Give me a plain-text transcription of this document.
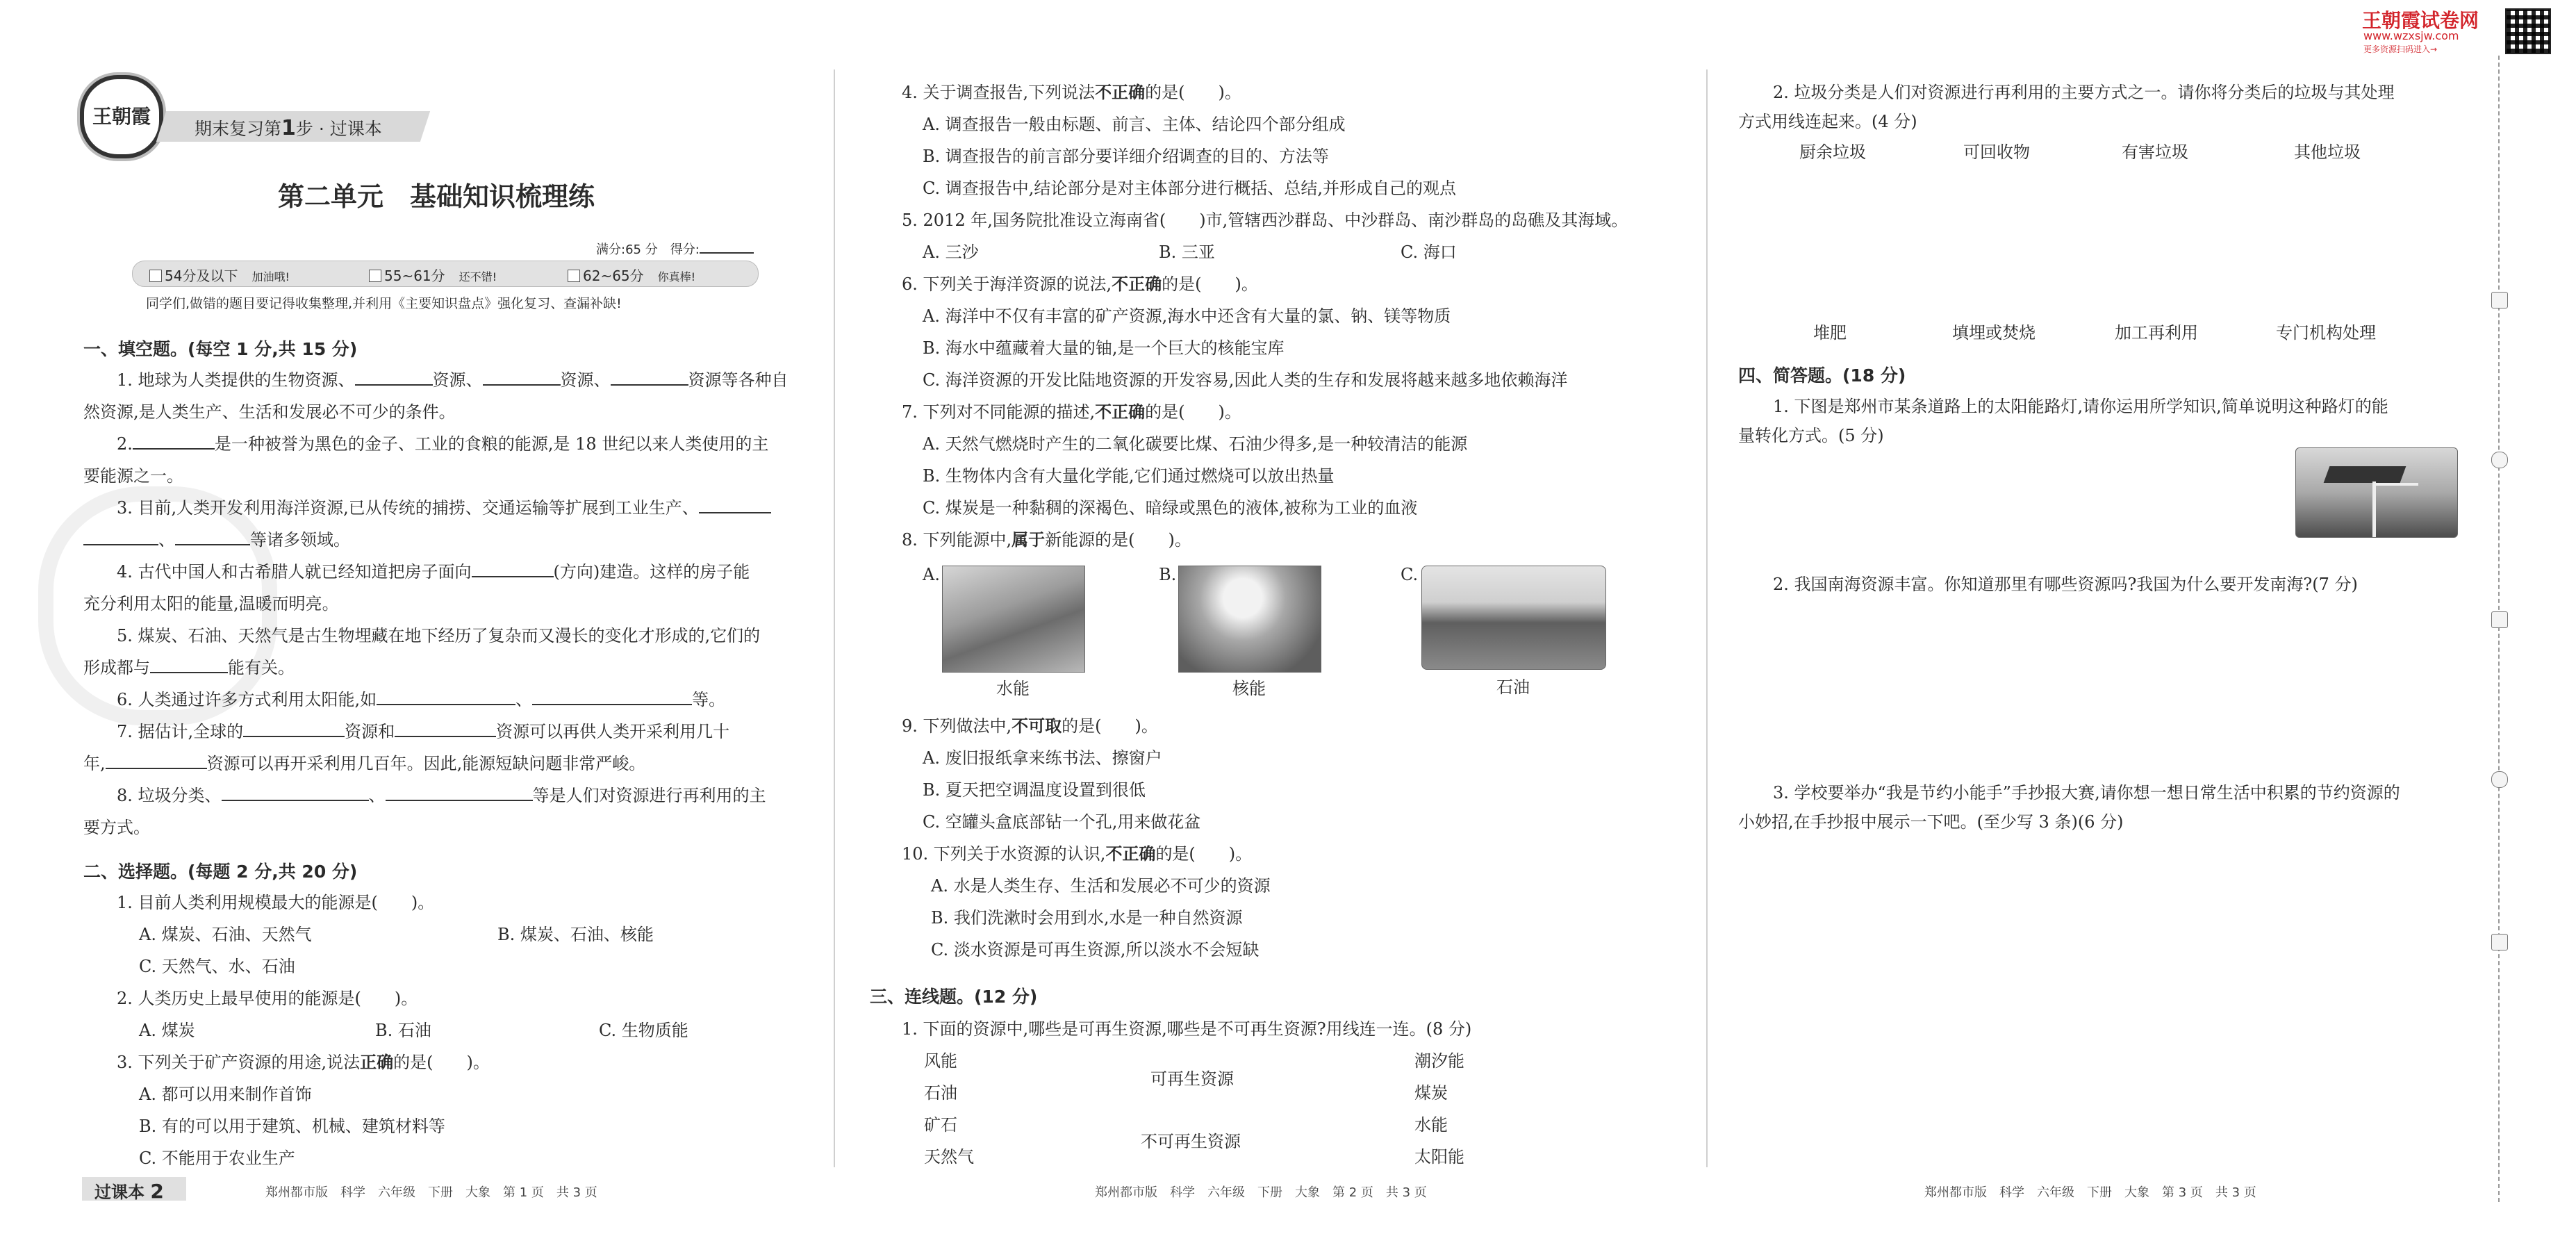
王朝霞试卷网
www.wzxsjw.com
更多资源扫码进入→
王朝霞
期末复习第1步 · 过课本
第二单元　基础知识梳理练
满分:65 分　得分:
54分及以下　 加油哦!	55~61分　 还不错!	62~65分　 你真棒!
同学们,做错的题目要记得收集整理,并利用《主要知识盘点》强化复习、查漏补缺!
一、填空题。(每空 1 分,共 15 分)
1. 地球为人类提供的生物资源、	资源、	资源、	资源等各种自
然资源,是人类生产、生活和发展必不可少的条件。
2.	是一种被誉为黑色的金子、工业的食粮的能源,是 18 世纪以来人类使用的主
要能源之一。
3. 目前,人类开发利用海洋资源,已从传统的捕捞、交通运输等扩展到工业生产、
、	等诸多领域。
4. 古代中国人和古希腊人就已经知道把房子面向	(方向)建造。这样的房子能
充分利用太阳的能量,温暖而明亮。
5. 煤炭、石油、天然气是古生物埋藏在地下经历了复杂而又漫长的变化才形成的,它们的
形成都与	能有关。
6. 人类通过许多方式利用太阳能,如	、	等。
7. 据估计,全球的	资源和	资源可以再供人类开采利用几十
年,	资源可以再开采利用几百年。因此,能源短缺问题非常严峻。
8. 垃圾分类、	、	等是人们对资源进行再利用的主
要方式。
二、选择题。(每题 2 分,共 20 分)
1. 目前人类利用规模最大的能源是(　　)。
A. 煤炭、石油、天然气	B. 煤炭、石油、核能
C. 天然气、水、石油
2. 人类历史上最早使用的能源是(　　)。
A. 煤炭	B. 石油	C. 生物质能
3. 下列关于矿产资源的用途,说法正确的是(　　)。
A. 都可以用来制作首饰
B. 有的可以用于建筑、机械、建筑材料等
C. 不能用于农业生产
过课本 2	郑州都市版　科学　六年级　下册　大象　第 1 页　共 3 页
4. 关于调查报告,下列说法不正确的是(　　)。
A. 调查报告一般由标题、前言、主体、结论四个部分组成
B. 调查报告的前言部分要详细介绍调查的目的、方法等
C. 调查报告中,结论部分是对主体部分进行概括、总结,并形成自己的观点
5. 2012 年,国务院批准设立海南省(　　)市,管辖西沙群岛、中沙群岛、南沙群岛的岛礁及其海域。
A. 三沙	B. 三亚	C. 海口
6. 下列关于海洋资源的说法,不正确的是(　　)。
A. 海洋中不仅有丰富的矿产资源,海水中还含有大量的氯、钠、镁等物质
B. 海水中蕴藏着大量的铀,是一个巨大的核能宝库
C. 海洋资源的开发比陆地资源的开发容易,因此人类的生存和发展将越来越多地依赖海洋
7. 下列对不同能源的描述,不正确的是(　　)。
A. 天然气燃烧时产生的二氧化碳要比煤、石油少得多,是一种较清洁的能源
B. 生物体内含有大量化学能,它们通过燃烧可以放出热量
C. 煤炭是一种黏稠的深褐色、暗绿或黑色的液体,被称为工业的血液
8. 下列能源中,属于新能源的是(　　)。
A.
水能
B.
核能
C.
石油
9. 下列做法中,不可取的是(　　)。
A. 废旧报纸拿来练书法、擦窗户
B. 夏天把空调温度设置到很低
C. 空罐头盒底部钻一个孔,用来做花盆
10. 下列关于水资源的认识,不正确的是(　　)。
A. 水是人类生存、生活和发展必不可少的资源
B. 我们洗漱时会用到水,水是一种自然资源
C. 淡水资源是可再生资源,所以淡水不会短缺
三、连线题。(12 分)
1. 下面的资源中,哪些是可再生资源,哪些是不可再生资源?用线连一连。(8 分)
风能
石油
矿石
天然气
可再生资源
不可再生资源
潮汐能
煤炭
水能
太阳能
郑州都市版　科学　六年级　下册　大象　第 2 页　共 3 页
2. 垃圾分类是人们对资源进行再利用的主要方式之一。请你将分类后的垃圾与其处理
方式用线连起来。(4 分)
厨余垃圾	可回收物	有害垃圾	其他垃圾
堆肥	填埋或焚烧	加工再利用	专门机构处理
四、简答题。(18 分)
1. 下图是郑州市某条道路上的太阳能路灯,请你运用所学知识,简单说明这种路灯的能
量转化方式。(5 分)
2. 我国南海资源丰富。你知道那里有哪些资源吗?我国为什么要开发南海?(7 分)
3. 学校要举办“我是节约小能手”手抄报大赛,请你想一想日常生活中积累的节约资源的
小妙招,在手抄报中展示一下吧。(至少写 3 条)(6 分)
郑州都市版　科学　六年级　下册　大象　第 3 页　共 3 页
